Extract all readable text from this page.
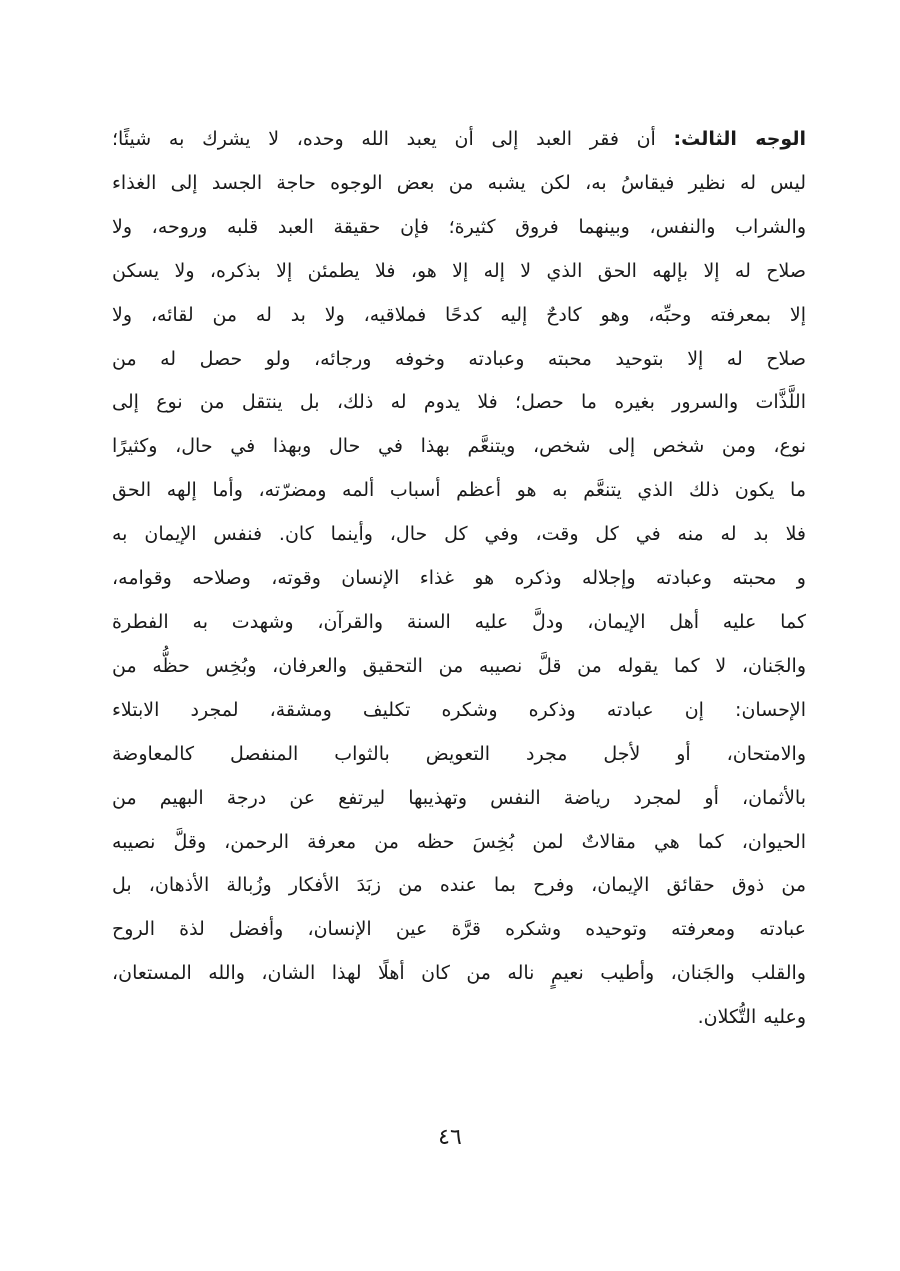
الوجه الثالث: أن فقر العبد إلى أن يعبد الله وحده، لا يشرك به شيئًا؛
ليس له نظير فيقاسُ به، لكن يشبه من بعض الوجوه حاجة الجسد إلى الغذاء
والشراب والنفس، وبينهما فروق كثيرة؛ فإن حقيقة العبد قلبه وروحه، ولا
صلاح له إلا بإلهه الحق الذي لا إله إلا هو، فلا يطمئن إلا بذكره، ولا يسكن
إلا بمعرفته وحبِّه، وهو كادحٌ إليه كدحًا فملاقيه، ولا بد له من لقائه، ولا
صلاح له إلا بتوحيد محبته وعبادته وخوفه ورجائه، ولو حصل له من
اللَّذَّات والسرور بغيره ما حصل؛ فلا يدوم له ذلك، بل ينتقل من نوع إلى
نوع، ومن شخص إلى شخص، ويتنعَّم بهذا في حال وبهذا في حال، وكثيرًا
ما يكون ذلك الذي يتنعَّم به هو أعظم أسباب ألمه ومضرّته، وأما إلهه الحق
فلا بد له منه في كل وقت، وفي كل حال، وأينما كان. فنفس الإيمان به
و محبته وعبادته وإجلاله وذكره هو غذاء الإنسان وقوته، وصلاحه وقوامه،
كما عليه أهل الإيمان، ودلَّ عليه السنة والقرآن، وشهدت به الفطرة
والجَنان، لا كما يقوله من قلَّ نصيبه من التحقيق والعرفان، وبُخِس حظُّه من
الإحسان: إن عبادته وذكره وشكره تكليف ومشقة، لمجرد الابتلاء
والامتحان، أو لأجل مجرد التعويض بالثواب المنفصل كالمعاوضة
بالأثمان، أو لمجرد رياضة النفس وتهذيبها ليرتفع عن درجة البهيم من
الحيوان، كما هي مقالاتٌ لمن بُخِسَ حظه من معرفة الرحمن، وقلَّ نصيبه
من ذوق حقائق الإيمان، وفرح بما عنده من زبَدَ الأفكار وزُبالة الأذهان، بل
عبادته ومعرفته وتوحيده وشكره قرَّة عين الإنسان، وأفضل لذة الروح
والقلب والجَنان، وأطيب نعيمٍ ناله من كان أهلًا لهذا الشان، والله المستعان،
وعليه التُّكلان.
٤٦
